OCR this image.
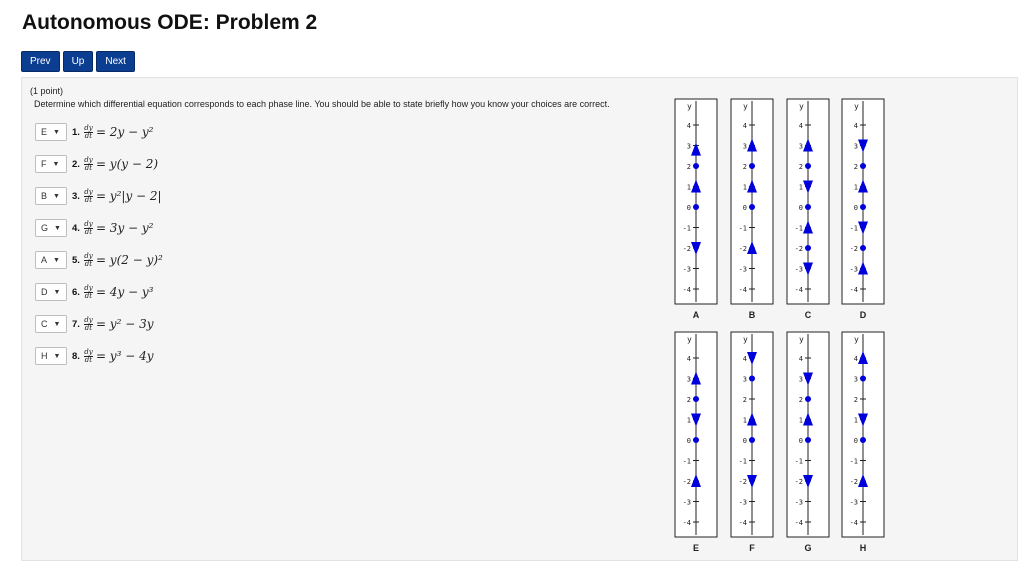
Autonomous ODE: Problem 2
Prev	Up	Next
(1 point)
Determine which differential equation corresponds to each phase line. You should be able to state briefly how you know your choices are correct.
E ▼ 1. $\frac{dy}{dt} = 2y - y^2$
F ▼ 2. $\frac{dy}{dt} = y(y - 2)$
B ▼ 3. $\frac{dy}{dt} = y^2|y - 2|$
G ▼ 4. $\frac{dy}{dt} = 3y - y^2$
A ▼ 5. $\frac{dy}{dt} = y(2 - y)^2$
D ▼ 6. $\frac{dy}{dt} = 4y - y^3$
C ▼ 7. $\frac{dy}{dt} = y^2 - 3y$
H ▼ 8. $\frac{dy}{dt} = y^3 - 4y$
y
4
3
2
1
0
-1
-2
-3
-4
A
y
4
3
2
1
0
-1
-2
-3
-4
B
y
4
3
2
1
0
-1
-2
-3
-4
C
y
4
3
2
1
0
-1
-2
-3
-4
D
y
4
3
2
1
0
-1
-2
-3
-4
E
y
4
3
2
1
0
-1
-2
-3
-4
F
y
4
3
2
1
0
-1
-2
-3
-4
G
y
4
3
2
1
0
-1
-2
-3
-4
H
